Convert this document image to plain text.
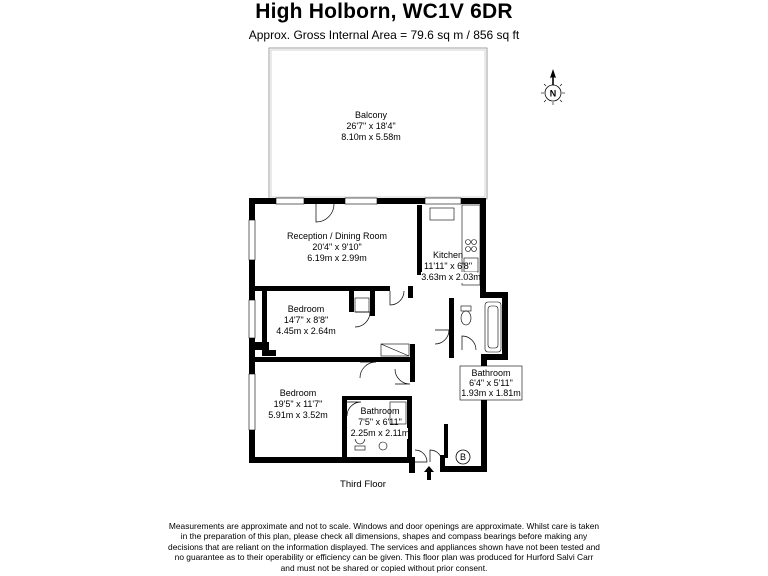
High Holborn, WC1V 6DR
Approx. Gross Internal Area = 79.6 sq m / 856 sq ft
B
N
Balcony
26'7" x 18'4"
8.10m x 5.58m
Reception / Dining Room
20'4" x 9'10"
6.19m x 2.99m	Kitchen
11'11" x 6'8"
3.63m x 2.03m
Bedroom
14'7" x 8'8"
4.45m x 2.64m
Bedroom
19'5" x 11'7"
5.91m x 3.52m	Bathroom
7'5" x 6'11"
2.25m x 2.11m
Bathroom
6'4" x 5'11"
1.93m x 1.81m
Third Floor
Measurements are approximate and not to scale. Windows and door openings are approximate. Whilst care is taken in the preparation of this plan, please check all dimensions, shapes and compass bearings before making any decisions that are reliant on the information displayed. The services and appliances shown have not been tested and no guarantee as to their operability or efficiency can be given. This floor plan was produced for Hurford Salvi Carr and must not be shared or copied without prior consent.
